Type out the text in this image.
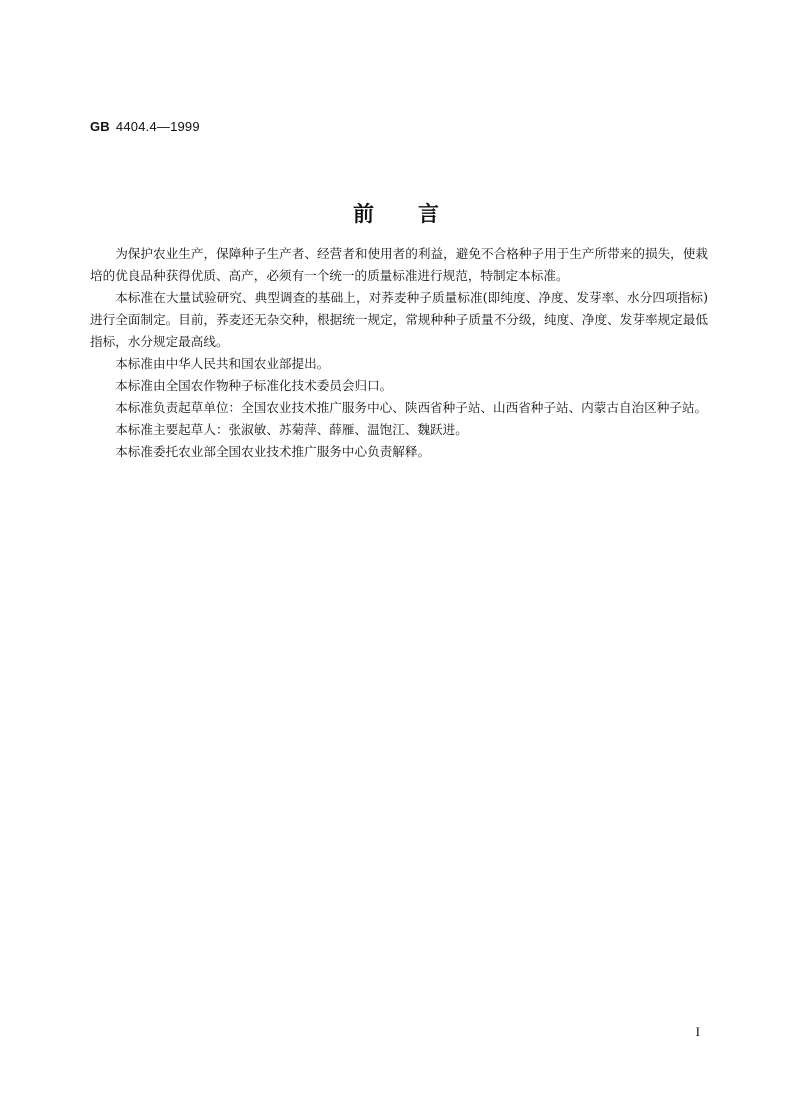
GB 4404.4—1999
前言

为保护农业生产，保障种子生产者、经营者和使用者的利益，避免不合格种子用于生产所带来的损失，使栽培的优良品种获得优质、高产，必须有一个统一的质量标准进行规范，特制定本标准。

本标准在大量试验研究、典型调查的基础上，对荞麦种子质量标准(即纯度、净度、发芽率、水分四项指标)进行全面制定。目前，荞麦还无杂交种，根据统一规定，常规种种子质量不分级，纯度、净度、发芽率规定最低指标，水分规定最高线。

本标准由中华人民共和国农业部提出。

本标准由全国农作物种子标准化技术委员会归口。

本标准负责起草单位：全国农业技术推广服务中心、陕西省种子站、山西省种子站、内蒙古自治区种子站。

本标准主要起草人：张淑敏、苏菊萍、薛雁、温饱江、魏跃进。

本标准委托农业部全国农业技术推广服务中心负责解释。

I
